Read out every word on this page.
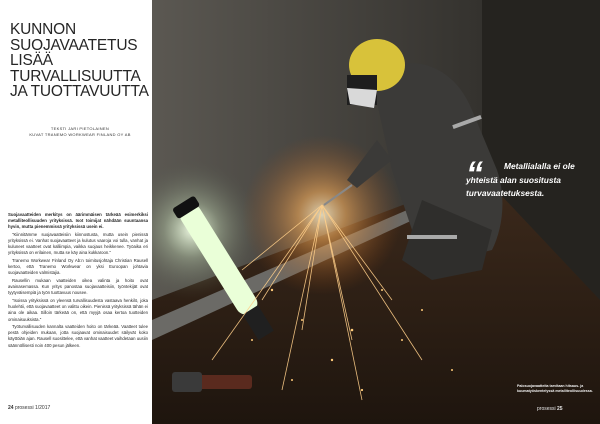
KUNNON
SUOJAVAATETUS
LISÄÄ
TURVALLISUUTTA
JA TUOTTAVUUTTA
TEKSTI JARI PIETOLAINEN
KUVAT TRANEMO WORKWEAR FINLAND OY AB

Suojavaatteiden merkitys on äärimmäisen tärkeää esimerkiksi metalliteollisuuden yrityksissä. Isot toimijat nähdään suuntaansa hyvin, mutta pienemmissä yrityksissä usein ei.

"Kiinnitämme suojavaatteisiin kiinnostusta, mutta usein pienissä yrityksissä ei. Vanhat suojavaatteet ja kulutus vaaroja voi tulla, vanhat ja kuluneet vaatteet ovat kalliimpia, vaikka suojaus heikkenee. Työaika eri yrityksissä on erilainen, mutta se käy aina kukkaroon."

Tranemo Workwear Finland Oy Ab:n toimitusjohtaja Christian Rausell kertoo, että Tranemo Workwear on yksi Euroopan johtavia suojavaatteiden valmistajia.

Rausellin mukaan vaatteiden oikea valinta ja hoito ovat avainasemassa. Kun yritys panostaa suojavaatteisiin, työntekijät ovat tyytyväisempiä ja työn tuottavuus nousee.

"Isoissa yrityksissä on yleensä turvallisuudesta vastaava henkilö, joka huolehtii, että suojavaatteet on valittu oikein. Pienissä yrityksissä tähän ei aina ole aikaa. Silloin tärkeää on, että myyjä osaa kertoa tuotteiden ominaisuuksista."

Työturvallisuuden kannalta vaatteiden hoito on tärkeää. Vaatteet tulee pestä ohjeiden mukaan, jotta suojaavat ominaisuudet säilyvät koko käyttöiän ajan. Rausell suosittelee, että vanhat vaatteet vaihdetaan uusiin säännöllisesti noin 400 pesun jälkeen.

24 prosessi 1/2017
Metallialalla ei ole yhteistä alan suositusta turvavaatetuksesta.
“
Palosuojavaatteita tarvitaan hitsaus- ja kuumatyöskentelyssä metalliteollisuudessa.
prosessi 25
